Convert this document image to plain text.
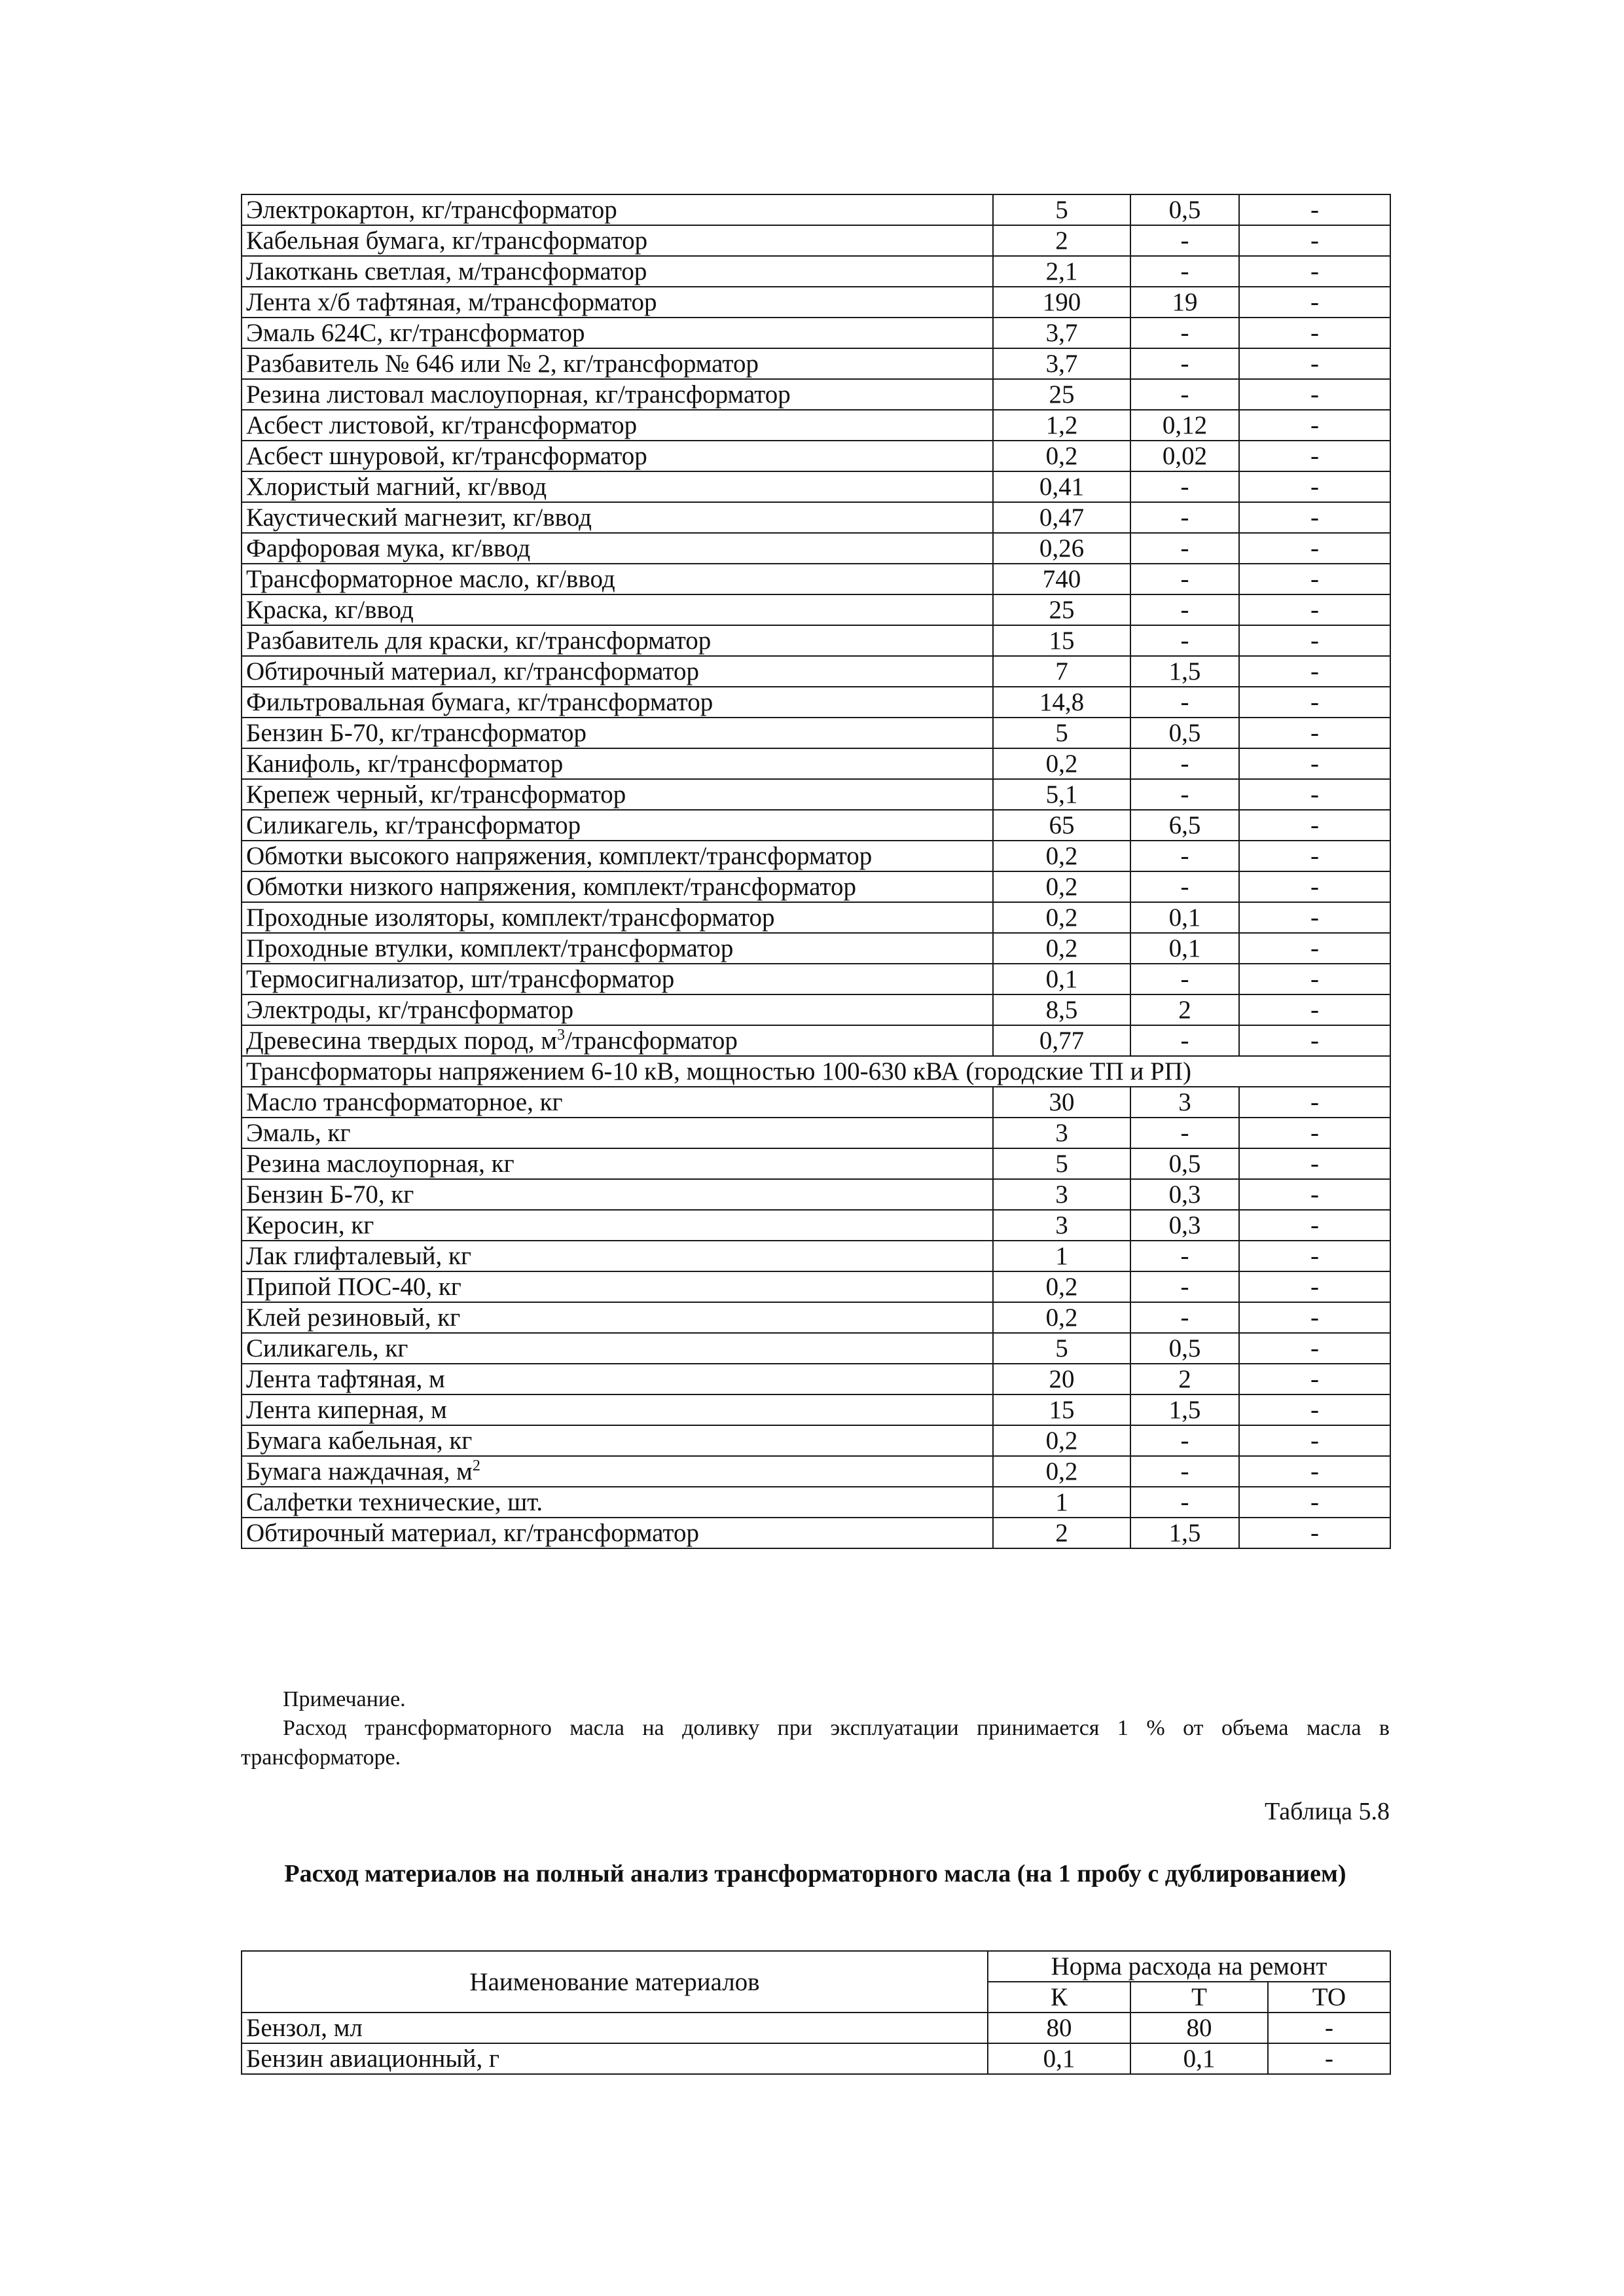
Электрокартон, кг/трансформатор	5	0,5	-
Кабельная бумага, кг/трансформатор	2	-	-
Лакоткань светлая, м/трансформатор	2,1	-	-
Лента х/б тафтяная, м/трансформатор	190	19	-
Эмаль 624С, кг/трансформатор	3,7	-	-
Разбавитель № 646 или № 2, кг/трансформатор	3,7	-	-
Резина листовал маслоупорная, кг/трансформатор	25	-	-
Асбест листовой, кг/трансформатор	1,2	0,12	-
Асбест шнуровой, кг/трансформатор	0,2	0,02	-
Хлористый магний, кг/ввод	0,41	-	-
Каустический магнезит, кг/ввод	0,47	-	-
Фарфоровая мука, кг/ввод	0,26	-	-
Трансформаторное масло, кг/ввод	740	-	-
Краска, кг/ввод	25	-	-
Разбавитель для краски, кг/трансформатор	15	-	-
Обтирочный материал, кг/трансформатор	7	1,5	-
Фильтровальная бумага, кг/трансформатор	14,8	-	-
Бензин Б-70, кг/трансформатор	5	0,5	-
Канифоль, кг/трансформатор	0,2	-	-
Крепеж черный, кг/трансформатор	5,1	-	-
Силикагель, кг/трансформатор	65	6,5	-
Обмотки высокого напряжения, комплект/трансформатор	0,2	-	-
Обмотки низкого напряжения, комплект/трансформатор	0,2	-	-
Проходные изоляторы, комплект/трансформатор	0,2	0,1	-
Проходные втулки, комплект/трансформатор	0,2	0,1	-
Термосигнализатор, шт/трансформатор	0,1	-	-
Электроды, кг/трансформатор	8,5	2	-
Древесина твердых пород, $м^3$/трансформатор	0,77	-	-
Трансформаторы напряжением 6-10 кВ, мощностью 100-630 кВА (городские ТП и РП)			
Масло трансформаторное, кг	30	3	-
Эмаль, кг	3	-	-
Резина маслоупорная, кг	5	0,5	-
Бензин Б-70, кг	3	0,3	-
Керосин, кг	3	0,3	-
Лак глифталевый, кг	1	-	-
Припой ПОС-40, кг	0,2	-	-
Клей резиновый, кг	0,2	-	-
Силикагель, кг	5	0,5	-
Лента тафтяная, м	20	2	-
Лента киперная, м	15	1,5	-
Бумага кабельная, кг	0,2	-	-
Бумага наждачная, $м^2$	0,2	-	-
Салфетки технические, шт.	1	-	-
Обтирочный материал, кг/трансформатор	2	1,5	-
Примечание.
Расход трансформаторного масла на доливку при эксплуатации принимается 1 % от объема масла в трансформаторе.
Таблица 5.8
Расход материалов на полный анализ трансформаторного масла (на 1 пробу с дублированием)
Наименование материалов	Норма расхода на ремонт		
	К	Т	ТО
Бензол, мл	80	80	-
Бензин авиационный, г	0,1	0,1	-
